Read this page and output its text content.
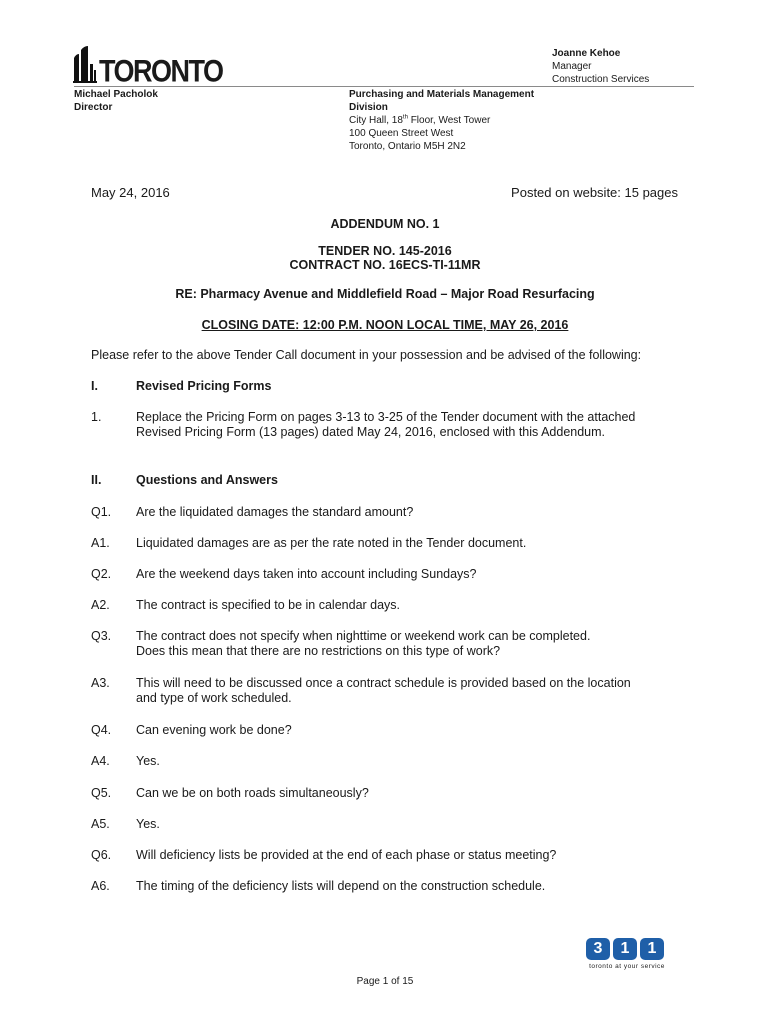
TORONTO
Joanne Kehoe
Manager
Construction Services
Michael Pacholok
Director
Purchasing and Materials Management
Division
City Hall, 18th Floor, West Tower
100 Queen Street West
Toronto, Ontario M5H 2N2
May 24, 2016	Posted on website: 15 pages
ADDENDUM NO. 1
TENDER NO. 145-2016
CONTRACT NO. 16ECS-TI-11MR
RE: Pharmacy Avenue and Middlefield Road – Major Road Resurfacing
CLOSING DATE: 12:00 P.M. NOON LOCAL TIME, MAY 26, 2016
Please refer to the above Tender Call document in your possession and be advised of the following:
I.	Revised Pricing Forms
1.	Replace the Pricing Form on pages 3-13 to 3-25 of the Tender document with the attached
Revised Pricing Form (13 pages) dated May 24, 2016, enclosed with this Addendum.
II.	Questions and Answers
Q1. Are the liquidated damages the standard amount?
A1. Liquidated damages are as per the rate noted in the Tender document.
Q2. Are the weekend days taken into account including Sundays?
A2. The contract is specified to be in calendar days.
Q3. The contract does not specify when nighttime or weekend work can be completed.
Does this mean that there are no restrictions on this type of work?
A3. This will need to be discussed once a contract schedule is provided based on the location
and type of work scheduled.
Q4. Can evening work be done?
A4. Yes.
Q5. Can we be on both roads simultaneously?
A5. Yes.
Q6. Will deficiency lists be provided at the end of each phase or status meeting?
A6. The timing of the deficiency lists will depend on the construction schedule.
3	1	1
toronto at your service
Page 1 of 15
